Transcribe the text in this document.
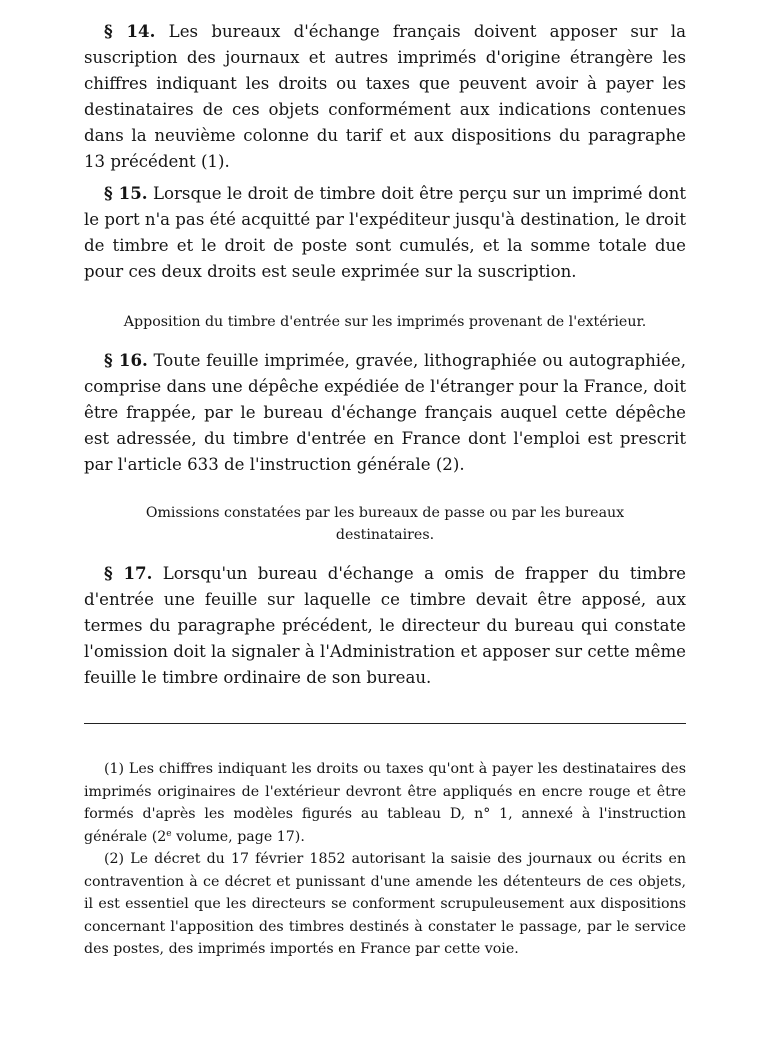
§ 14. Les bureaux d'échange français doivent apposer sur la suscription des journaux et autres imprimés d'origine étrangère les chiffres indiquant les droits ou taxes que peuvent avoir à payer les destinataires de ces objets conformément aux indications contenues dans la neuvième colonne du tarif et aux dispositions du paragraphe 13 précédent (1).

§ 15. Lorsque le droit de timbre doit être perçu sur un imprimé dont le port n'a pas été acquitté par l'expéditeur jusqu'à destination, le droit de timbre et le droit de poste sont cumulés, et la somme totale due pour ces deux droits est seule exprimée sur la suscription.

Apposition du timbre d'entrée sur les imprimés provenant de l'extérieur.

§ 16. Toute feuille imprimée, gravée, lithographiée ou autographiée, comprise dans une dépêche expédiée de l'étranger pour la France, doit être frappée, par le bureau d'échange français auquel cette dépêche est adressée, du timbre d'entrée en France dont l'emploi est prescrit par l'article 633 de l'instruction générale (2).

Omissions constatées par les bureaux de passe ou par les bureaux destinataires.

§ 17. Lorsqu'un bureau d'échange a omis de frapper du timbre d'entrée une feuille sur laquelle ce timbre devait être apposé, aux termes du paragraphe précédent, le directeur du bureau qui constate l'omission doit la signaler à l'Administration et apposer sur cette même feuille le timbre ordinaire de son bureau.

(1) Les chiffres indiquant les droits ou taxes qu'ont à payer les destinataires des imprimés originaires de l'extérieur devront être appliqués en encre rouge et être formés d'après les modèles figurés au tableau D, n° 1, annexé à l'instruction générale (2e volume, page 17).

(2) Le décret du 17 février 1852 autorisant la saisie des journaux ou écrits en contravention à ce décret et punissant d'une amende les détenteurs de ces objets, il est essentiel que les directeurs se conforment scrupuleusement aux dispositions concernant l'apposition des timbres destinés à constater le passage, par le service des postes, des imprimés importés en France par cette voie.
